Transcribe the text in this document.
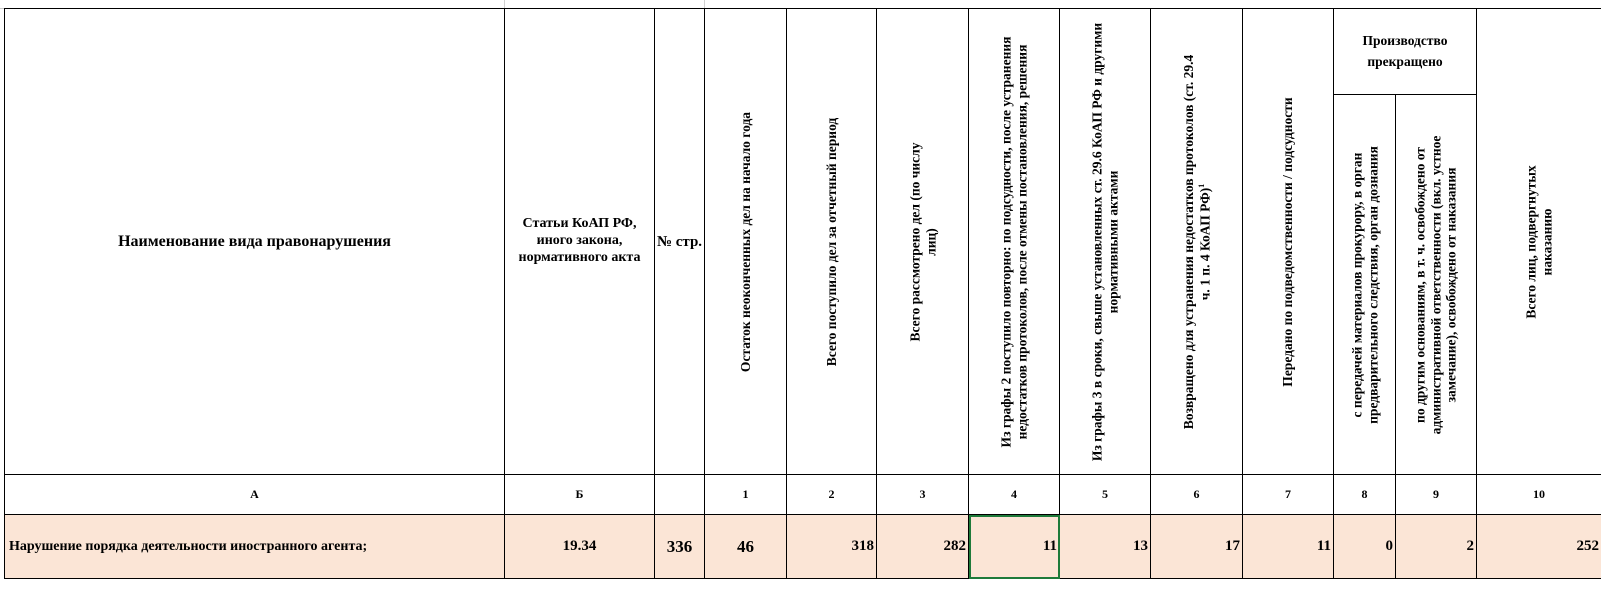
Наименование вида правонарушения	Статьи КоАП РФ, иного закона, нормативного акта	№ стр.	Остаток неоконченных дел на начало года	Всего поступило дел за отчетный период	Всего рассмотрено дел (по числу лиц)	Из графы 2 поступило повторно: по подсудности, после устранения недостатков протоколов, после отмены постановления, решения	Из графы 3 в сроки, свыше установленных ст. 29.6 КоАП РФ и другими нормативными актами	Возвращено для устранения недостатков протоколов (ст. 29.4 ч. 1 п. 4 КоАП РФ)$^1$	Передано по подведомственности / подсудности	Производство прекращено		Всего лиц, подвергнутых наказанию

										с передачей материалов прокурору, в орган предварительного следствия, орган дознания	по другим основаниям, в т. ч. освобождено от административной ответственности (вкл. устное замечание), освобождено от наказания	

А	Б		1	2	3	4	5	6	7	8	9	10
Нарушение порядка деятельности иностранного агента;	19.34	336	46	318	282	11	13	17	11	0	2	252
